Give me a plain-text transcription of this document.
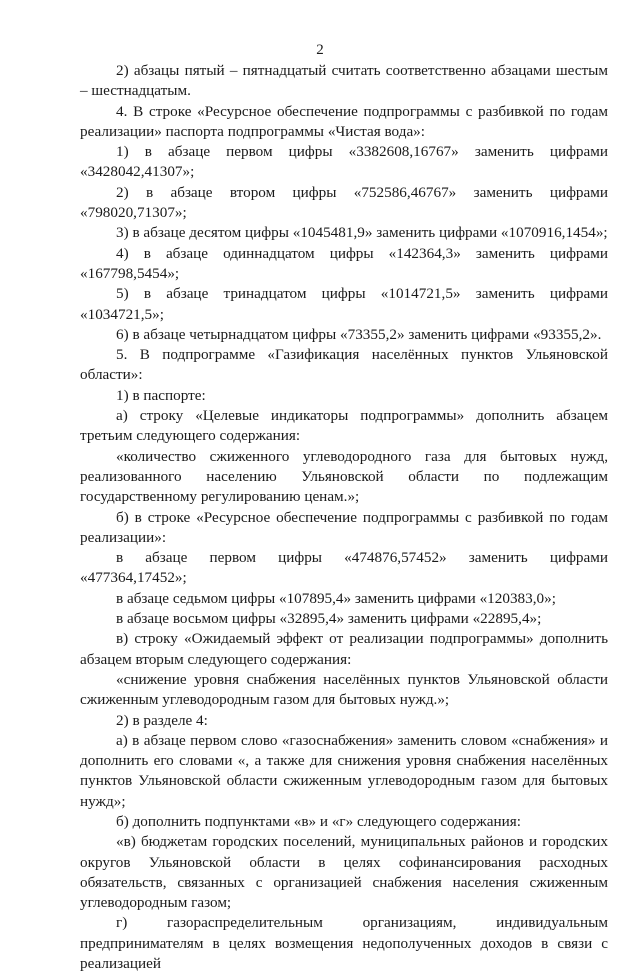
2

2) абзацы пятый – пятнадцатый считать соответственно абзацами шестым – шестнадцатым.

4. В строке «Ресурсное обеспечение подпрограммы с разбивкой по годам реализации» паспорта подпрограммы «Чистая вода»:

1) в абзаце первом цифры «3382608,16767» заменить цифрами «3428042,41307»;

2) в абзаце втором цифры «752586,46767» заменить цифрами «798020,71307»;

3) в абзаце десятом цифры «1045481,9» заменить цифрами «1070916,1454»;

4) в абзаце одиннадцатом цифры «142364,3» заменить цифрами «167798,5454»;

5) в абзаце тринадцатом цифры «1014721,5» заменить цифрами «1034721,5»;

6) в абзаце четырнадцатом цифры «73355,2» заменить цифрами «93355,2».

5. В подпрограмме «Газификация населённых пунктов Ульяновской области»:

1) в паспорте:

а) строку «Целевые индикаторы подпрограммы» дополнить абзацем третьим следующего содержания:

«количество сжиженного углеводородного газа для бытовых нужд, реализованного населению Ульяновской области по подлежащим государственному регулированию ценам.»;

б) в строке «Ресурсное обеспечение подпрограммы с разбивкой по годам реализации»:

в абзаце первом цифры «474876,57452» заменить цифрами «477364,17452»;

в абзаце седьмом цифры «107895,4» заменить цифрами «120383,0»;

в абзаце восьмом цифры «32895,4» заменить цифрами «22895,4»;

в) строку «Ожидаемый эффект от реализации подпрограммы» дополнить абзацем вторым следующего содержания:

«снижение уровня снабжения населённых пунктов Ульяновской области сжиженным углеводородным газом для бытовых нужд.»;

2) в разделе 4:

а) в абзаце первом слово «газоснабжения» заменить словом «снабжения» и дополнить его словами «, а также для снижения уровня снабжения населённых пунктов Ульяновской области сжиженным углеводородным газом для бытовых нужд»;

б) дополнить подпунктами «в» и «г» следующего содержания:

«в) бюджетам городских поселений, муниципальных районов и городских округов Ульяновской области в целях софинансирования расходных обязательств, связанных с организацией снабжения населения сжиженным углеводородным газом;

г) газораспределительным организациям, индивидуальным предпринимателям в целях возмещения недополученных доходов в связи с реализацией
